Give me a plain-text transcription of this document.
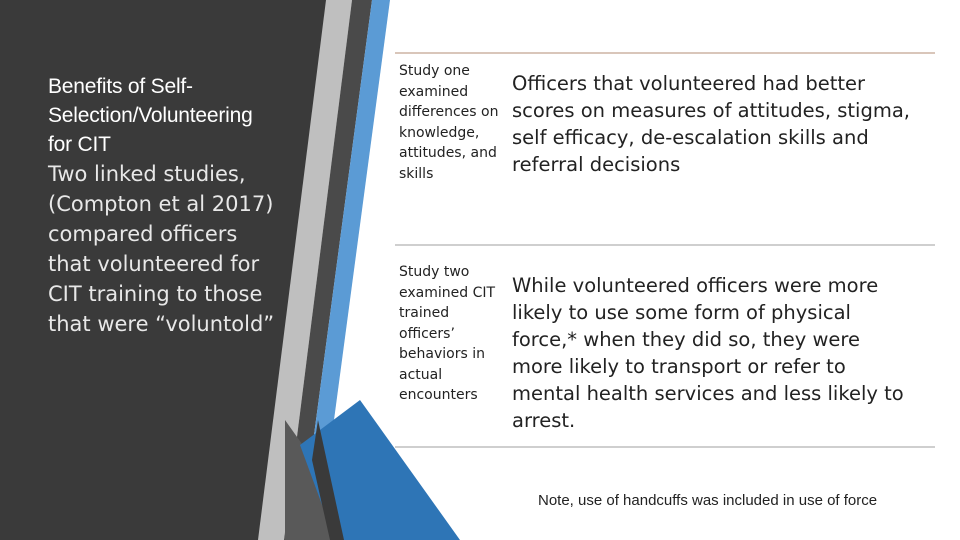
Benefits of Self-Selection/Volunteering for CIT
Two linked studies, (Compton et al 2017) compared officers that volunteered for CIT training to those that were “voluntold”
Study one examined differences on knowledge, attitudes, and skills
Officers that volunteered had better scores on measures of attitudes, stigma, self efficacy, de-escalation skills and referral decisions
Study two examined CIT trained officers’ behaviors in actual encounters
While volunteered officers were more likely to use some form of physical force,* when they did so, they were more likely to transport or refer to mental health services and less likely to arrest.
Note, use of handcuffs was included in use of force
